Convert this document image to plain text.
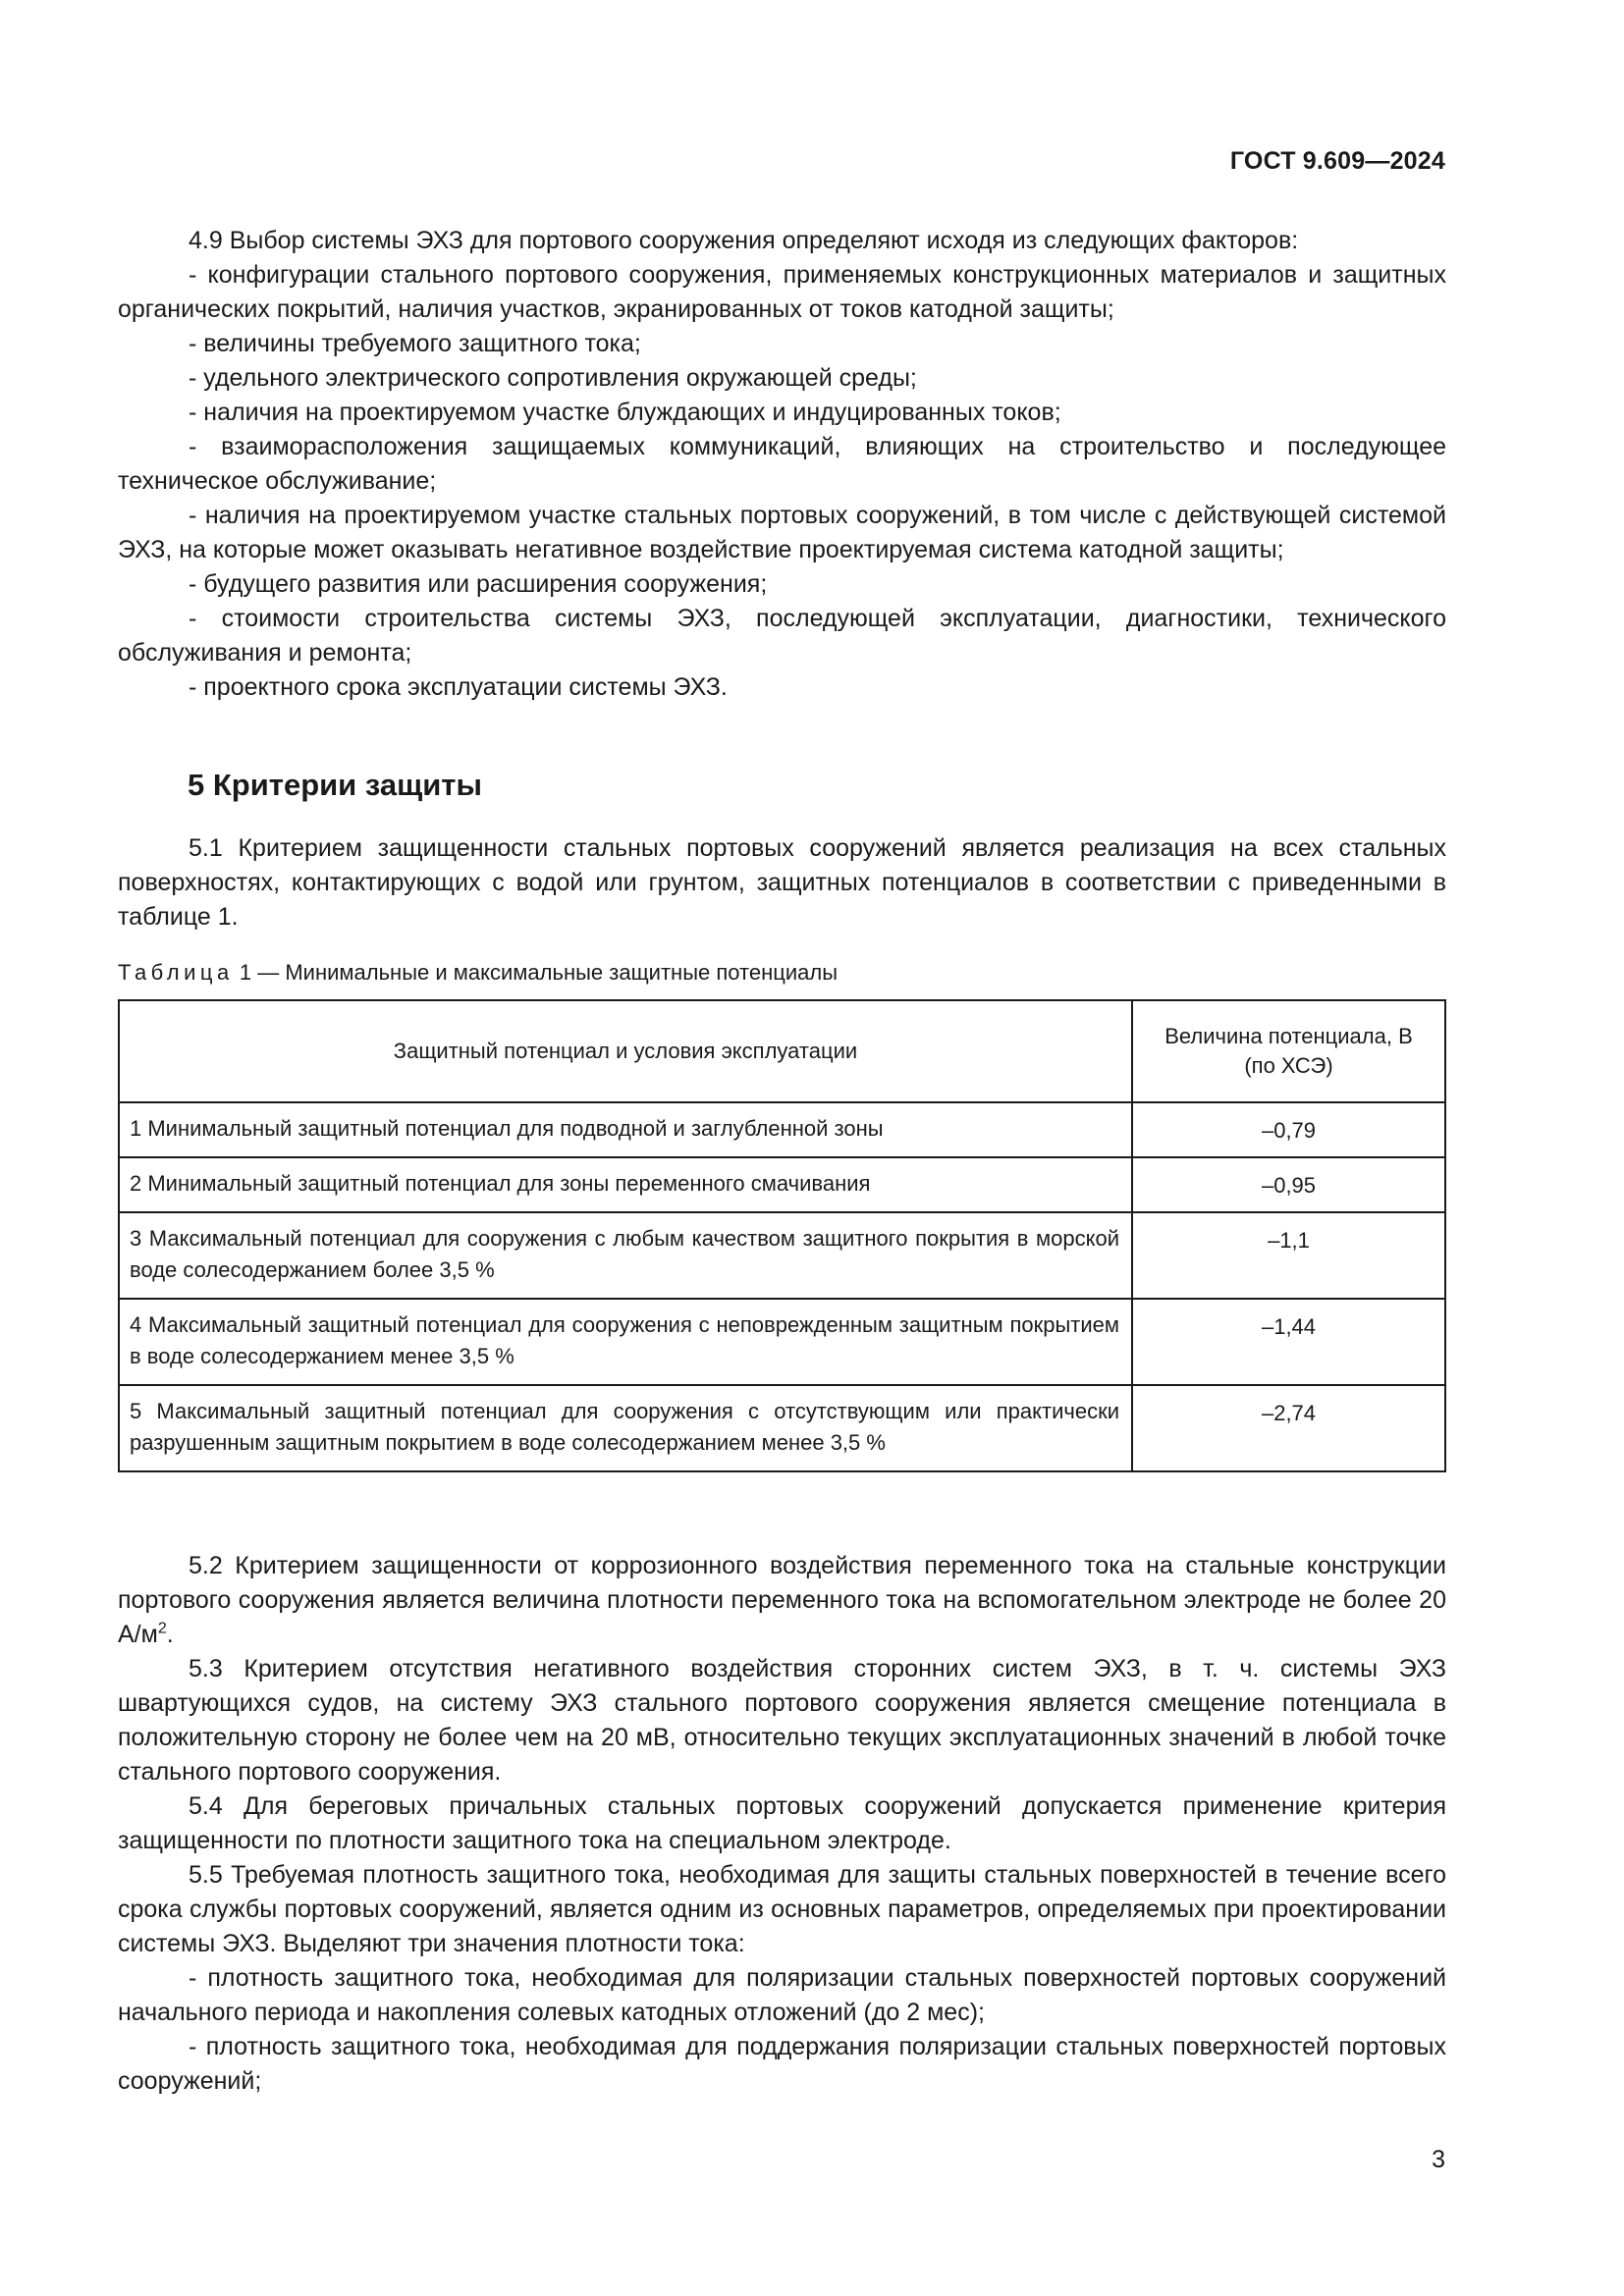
ГОСТ 9.609—2024

4.9 Выбор системы ЭХЗ для портового сооружения определяют исходя из следующих факторов:

- конфигурации стального портового сооружения, применяемых конструкционных материалов и защитных органических покрытий, наличия участков, экранированных от токов катодной защиты;

- величины требуемого защитного тока;

- удельного электрического сопротивления окружающей среды;

- наличия на проектируемом участке блуждающих и индуцированных токов;

- взаиморасположения защищаемых коммуникаций, влияющих на строительство и последующее техническое обслуживание;

- наличия на проектируемом участке стальных портовых сооружений, в том числе с действующей системой ЭХЗ, на которые может оказывать негативное воздействие проектируемая система катодной защиты;

- будущего развития или расширения сооружения;

- стоимости строительства системы ЭХЗ, последующей эксплуатации, диагностики, технического обслуживания и ремонта;

- проектного срока эксплуатации системы ЭХЗ.

5 Критерии защиты

5.1 Критерием защищенности стальных портовых сооружений является реализация на всех стальных поверхностях, контактирующих с водой или грунтом, защитных потенциалов в соответствии с приведенными в таблице 1.

Таблица 1 — Минимальные и максимальные защитные потенциалы
Защитный потенциал и условия эксплуатации	Величина потенциала, В
(по ХСЭ)
1 Минимальный защитный потенциал для подводной и заглубленной зоны	–0,79
2 Минимальный защитный потенциал для зоны переменного смачивания	–0,95
3 Максимальный потенциал для сооружения с любым качеством защитного покрытия в морской воде солесодержанием более 3,5 %	–1,1
4 Максимальный защитный потенциал для сооружения с неповрежденным защитным покрытием в воде солесодержанием менее 3,5 %	–1,44
5 Максимальный защитный потенциал для сооружения с отсутствующим или практически разрушенным защитным покрытием в воде солесодержанием менее 3,5 %	–2,74

5.2 Критерием защищенности от коррозионного воздействия переменного тока на стальные конструкции портового сооружения является величина плотности переменного тока на вспомогательном электроде не более 20 $А/м^2$.

5.3 Критерием отсутствия негативного воздействия сторонних систем ЭХЗ, в т. ч. системы ЭХЗ швартующихся судов, на систему ЭХЗ стального портового сооружения является смещение потенциала в положительную сторону не более чем на 20 мВ, относительно текущих эксплуатационных значений в любой точке стального портового сооружения.

5.4 Для береговых причальных стальных портовых сооружений допускается применение критерия защищенности по плотности защитного тока на специальном электроде.

5.5 Требуемая плотность защитного тока, необходимая для защиты стальных поверхностей в течение всего срока службы портовых сооружений, является одним из основных параметров, определяемых при проектировании системы ЭХЗ. Выделяют три значения плотности тока:

- плотность защитного тока, необходимая для поляризации стальных поверхностей портовых сооружений начального периода и накопления солевых катодных отложений (до 2 мес);

- плотность защитного тока, необходимая для поддержания поляризации стальных поверхностей портовых сооружений;

3
